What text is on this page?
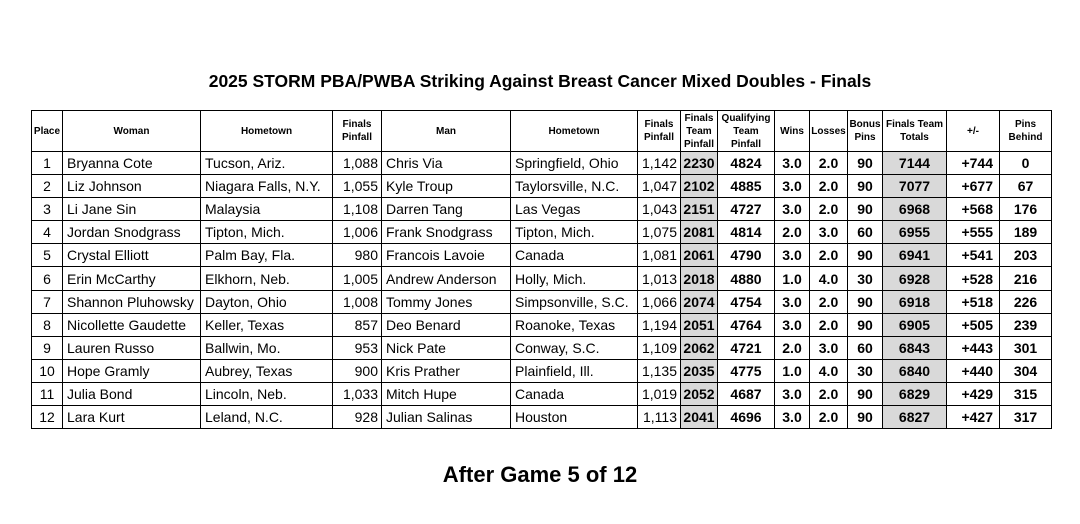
2025 STORM PBA/PWBA Striking Against Breast Cancer Mixed Doubles - Finals
Place	Woman	Hometown	Finals Pinfall	Man	Hometown	Finals Pinfall	Finals Team Pinfall	Qualifying Team Pinfall	Wins	Losses	Bonus Pins	Finals Team Totals	+/-	Pins Behind
1	Bryanna Cote	Tucson, Ariz.	1,088	Chris Via	Springfield, Ohio	1,142	2230	4824	3.0	2.0	90	7144	+744	0
2	Liz Johnson	Niagara Falls, N.Y.	1,055	Kyle Troup	Taylorsville, N.C.	1,047	2102	4885	3.0	2.0	90	7077	+677	67
3	Li Jane Sin	Malaysia	1,108	Darren Tang	Las Vegas	1,043	2151	4727	3.0	2.0	90	6968	+568	176
4	Jordan Snodgrass	Tipton, Mich.	1,006	Frank Snodgrass	Tipton, Mich.	1,075	2081	4814	2.0	3.0	60	6955	+555	189
5	Crystal Elliott	Palm Bay, Fla.	980	Francois Lavoie	Canada	1,081	2061	4790	3.0	2.0	90	6941	+541	203
6	Erin McCarthy	Elkhorn, Neb.	1,005	Andrew Anderson	Holly, Mich.	1,013	2018	4880	1.0	4.0	30	6928	+528	216
7	Shannon Pluhowsky	Dayton, Ohio	1,008	Tommy Jones	Simpsonville, S.C.	1,066	2074	4754	3.0	2.0	90	6918	+518	226
8	Nicollette Gaudette	Keller, Texas	857	Deo Benard	Roanoke, Texas	1,194	2051	4764	3.0	2.0	90	6905	+505	239
9	Lauren Russo	Ballwin, Mo.	953	Nick Pate	Conway, S.C.	1,109	2062	4721	2.0	3.0	60	6843	+443	301
10	Hope Gramly	Aubrey, Texas	900	Kris Prather	Plainfield, Ill.	1,135	2035	4775	1.0	4.0	30	6840	+440	304
11	Julia Bond	Lincoln, Neb.	1,033	Mitch Hupe	Canada	1,019	2052	4687	3.0	2.0	90	6829	+429	315
12	Lara Kurt	Leland, N.C.	928	Julian Salinas	Houston	1,113	2041	4696	3.0	2.0	90	6827	+427	317
After Game 5 of 12
